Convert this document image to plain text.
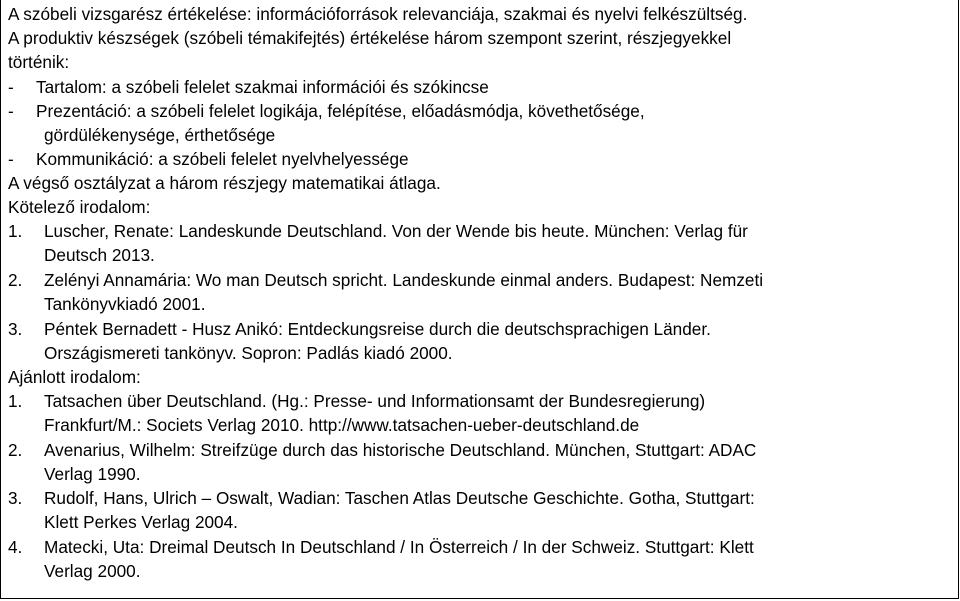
A szóbeli vizsgarész értékelése: információforrások relevanciája, szakmai és nyelvi felkészültség.
A produktiv készségek (szóbeli témakifejtés) értékelése három szempont szerint, részjegyekkel
történik:
- Tartalom: a szóbeli felelet szakmai információi és szókincse
- Prezentáció: a szóbeli felelet logikája, felépítése, előadásmódja, követhetősége,
gördülékenysége, érthetősége
- Kommunikáció: a szóbeli felelet nyelvhelyessége
A végső osztályzat a három részjegy matematikai átlaga.
Kötelező irodalom:
1. Luscher, Renate: Landeskunde Deutschland. Von der Wende bis heute. München: Verlag für
Deutsch 2013.
2. Zelényi Annamária: Wo man Deutsch spricht. Landeskunde einmal anders. Budapest: Nemzeti
Tankönyvkiadó 2001.
3. Péntek Bernadett - Husz Anikó: Entdeckungsreise durch die deutschsprachigen Länder.
Országismereti tankönyv. Sopron: Padlás kiadó 2000.
Ajánlott irodalom:
1. Tatsachen über Deutschland. (Hg.: Presse- und Informationsamt der Bundesregierung)
Frankfurt/M.: Societs Verlag 2010. http://www.tatsachen-ueber-deutschland.de
2. Avenarius, Wilhelm: Streifzüge durch das historische Deutschland. München, Stuttgart: ADAC
Verlag 1990.
3. Rudolf, Hans, Ulrich – Oswalt, Wadian: Taschen Atlas Deutsche Geschichte. Gotha, Stuttgart:
Klett Perkes Verlag 2004.
4. Matecki, Uta: Dreimal Deutsch In Deutschland / In Österreich / In der Schweiz. Stuttgart: Klett
Verlag 2000.
